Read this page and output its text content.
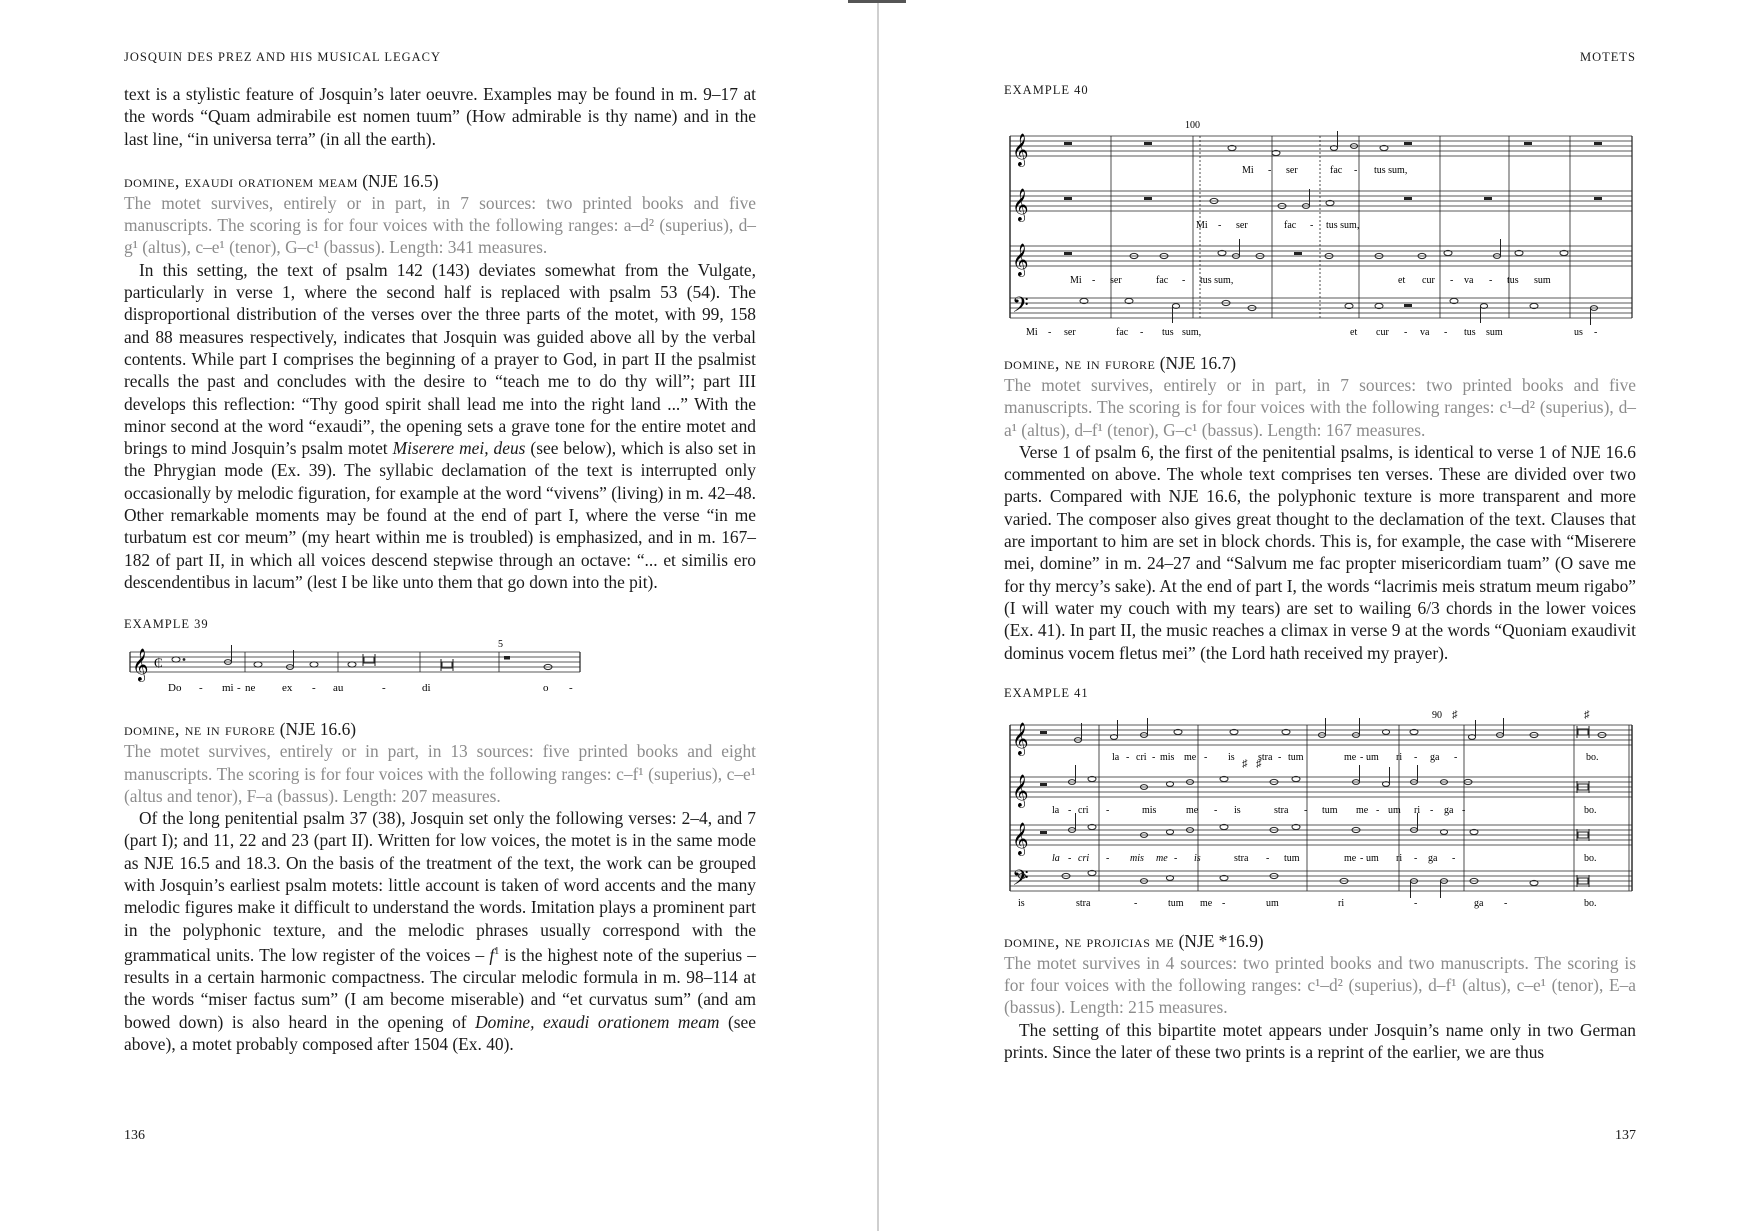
JOSQUIN DES PREZ AND HIS MUSICAL LEGACY

text is a stylistic feature of Josquin’s later oeuvre. Examples may be found in m. 9–17 at the words “Quam admirabile est nomen tuum” (How admirable is thy name) and in the last line, “in universa terra” (in all the earth).

domine, exaudi orationem meam (NJE 16.5)

The motet survives, entirely or in part, in 7 sources: two printed books and five manuscripts. The scoring is for four voices with the following ranges: a–d² (superius), d–g¹ (altus), c–e¹ (tenor), G–c¹ (bassus). Length: 341 measures.

In this setting, the text of psalm 142 (143) deviates somewhat from the Vulgate, particularly in verse 1, where the second half is replaced with psalm 53 (54). The disproportional distribution of the verses over the three parts of the motet, with 99, 158 and 88 measures respectively, indicates that Josquin was guided above all by the verbal contents. While part I comprises the beginning of a prayer to God, in part II the psalmist recalls the past and concludes with the desire to “teach me to do thy will”; part III develops this reflection: “Thy good spirit shall lead me into the right land ...” With the minor second at the word “exaudi”, the opening sets a grave tone for the entire motet and brings to mind Josquin’s psalm motet Miserere mei, deus (see below), which is also set in the Phrygian mode (Ex. 39). The syllabic declamation of the text is interrupted only occasionally by melodic figuration, for example at the word “vivens” (living) in m. 42–48. Other remarkable moments may be found at the end of part I, where the verse “in me turbatum est cor meum” (my heart within me is troubled) is emphasized, and in m. 167–182 of part II, in which all voices descend stepwise through an octave: “... et similis ero descendentibus in lacum” (lest I be like unto them that go down into the pit).

EXAMPLE 39
𝄞 ₵
5
Do - mi - ne ex - au	-	di	o -
domine, ne in furore (NJE 16.6)

The motet survives, entirely or in part, in 13 sources: five printed books and eight manuscripts. The scoring is for four voices with the following ranges: c–f¹ (superius), c–e¹ (altus and tenor), F–a (bassus). Length: 207 measures.

Of the long penitential psalm 37 (38), Josquin set only the following verses: 2–4, and 7 (part I); and 11, 22 and 23 (part II). Written for low voices, the motet is in the same mode as NJE 16.5 and 18.3. On the basis of the treatment of the text, the work can be grouped with Josquin’s earliest psalm motets: little account is taken of word accents and the many melodic figures make it difficult to understand the words. Imitation plays a prominent part in the polyphonic texture, and the melodic phrases usually correspond with the grammatical units. The low register of the voices – $f^1$ is the highest note of the superius – results in a certain harmonic compactness. The circular melodic formula in m. 98–114 at the words “miser factus sum” (I am become miserable) and “et curvatus sum” (and am bowed down) is also heard in the opening of Domine, exaudi orationem meam (see above), a motet probably composed after 1504 (Ex. 40).

136
MOTETS
EXAMPLE 40
𝄞
𝄞
𝄞
𝄢
100
Mi - ser	fac - tus sum,
Mi - ser	fac - tus sum,
Mi - ser	fac - tus sum,	et cur - va - tus sum
Mi - ser	fac - tus sum,	et cur - va - tus sum	us -
domine, ne in furore (NJE 16.7)

The motet survives, entirely or in part, in 7 sources: two printed books and five manuscripts. The scoring is for four voices with the following ranges: c¹–d² (superius), d–a¹ (altus), d–f¹ (tenor), G–c¹ (bassus). Length: 167 measures.

Verse 1 of psalm 6, the first of the penitential psalms, is identical to verse 1 of NJE 16.6 commented on above. The whole text comprises ten verses. These are divided over two parts. Compared with NJE 16.6, the polyphonic texture is more transparent and more varied. The composer also gives great thought to the declamation of the text. Clauses that are important to him are set in block chords. This is, for example, the case with “Miserere mei, domine” in m. 24–27 and “Salvum me fac propter misericordiam tuam” (O save me for thy mercy’s sake). At the end of part I, the words “lacrimis meis stratum meum rigabo” (I will water my couch with my tears) are set to wailing 6/3 chords in the lower voices (Ex. 41). In part II, the music reaches a climax in verse 9 at the words “Quoniam exaudivit dominus vocem fletus mei” (the Lord hath received my prayer).

EXAMPLE 41
𝄞
𝄞
𝄞
𝄢
90 ♯	♯
♯ ♯
la - cri - mis me - is stra - tum	me - um ri - ga -	bo.
la - cri -	mis	me - is	stra - tum me - um ri - ga -	bo.
la - cri - mis me - is	stra - tum	me - um ri - ga -	bo.
is	stra	-	tum me -	um	ri	-	ga -	bo.
domine, ne projicias me (NJE *16.9)

The motet survives in 4 sources: two printed books and two manuscripts. The scoring is for four voices with the following ranges: c¹–d² (superius), d–f¹ (altus), c–e¹ (tenor), E–a (bassus). Length: 215 measures.

The setting of this bipartite motet appears under Josquin’s name only in two German prints. Since the later of these two prints is a reprint of the earlier, we are thus

137
